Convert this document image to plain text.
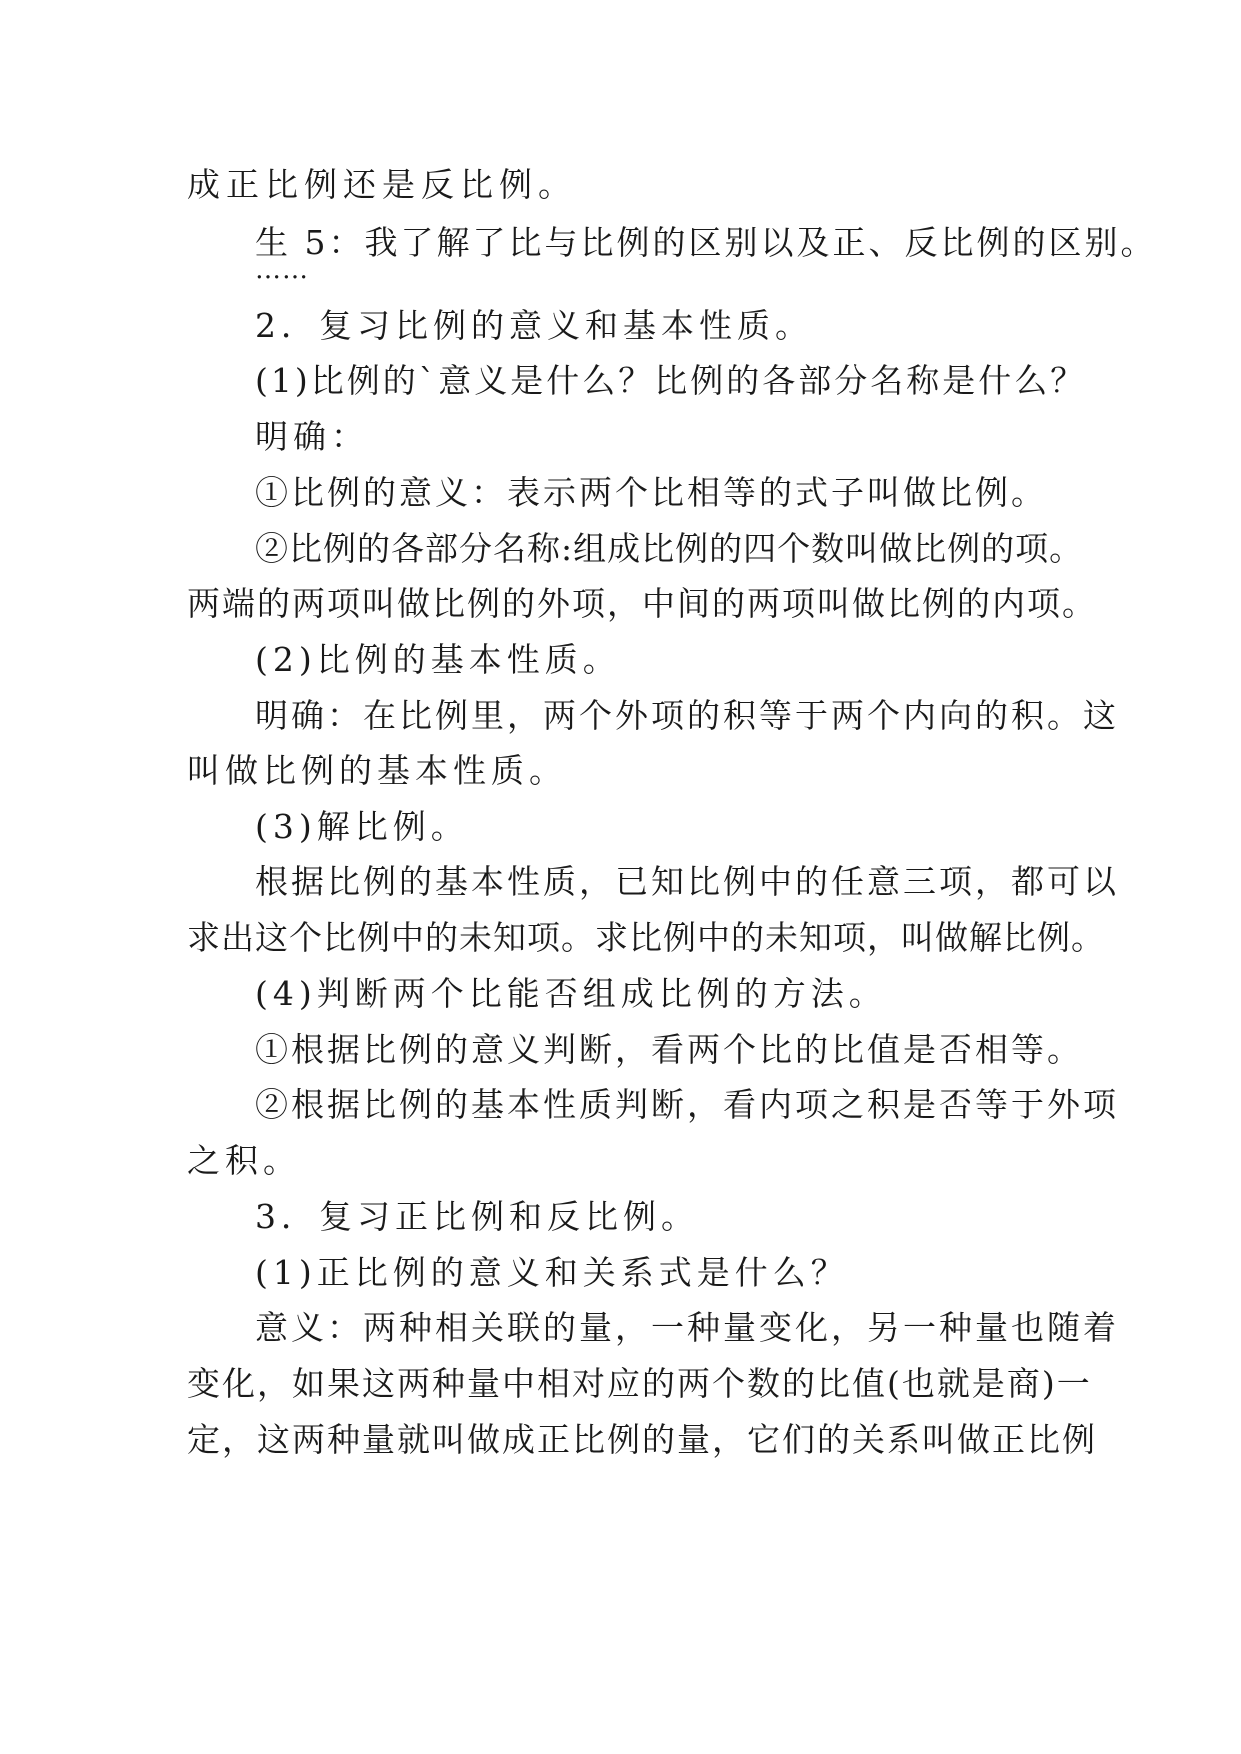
成正比例还是反比例。
生 5：我了解了比与比例的区别以及正、反比例的区别。
……
2．复习比例的意义和基本性质。
(1)比例的`意义是什么？比例的各部分名称是什么？
明确：
①比例的意义：表示两个比相等的式子叫做比例。
②比例的各部分名称:组成比例的四个数叫做比例的项。
两端的两项叫做比例的外项，中间的两项叫做比例的内项。
(2)比例的基本性质。
明确：在比例里，两个外项的积等于两个内向的积。这
叫做比例的基本性质。
(3)解比例。
根据比例的基本性质，已知比例中的任意三项，都可以
求出这个比例中的未知项。求比例中的未知项，叫做解比例。
(4)判断两个比能否组成比例的方法。
①根据比例的意义判断，看两个比的比值是否相等。
②根据比例的基本性质判断，看内项之积是否等于外项
之积。
3．复习正比例和反比例。
(1)正比例的意义和关系式是什么？
意义：两种相关联的量，一种量变化，另一种量也随着
变化，如果这两种量中相对应的两个数的比值(也就是商)一
定，这两种量就叫做成正比例的量，它们的关系叫做正比例
